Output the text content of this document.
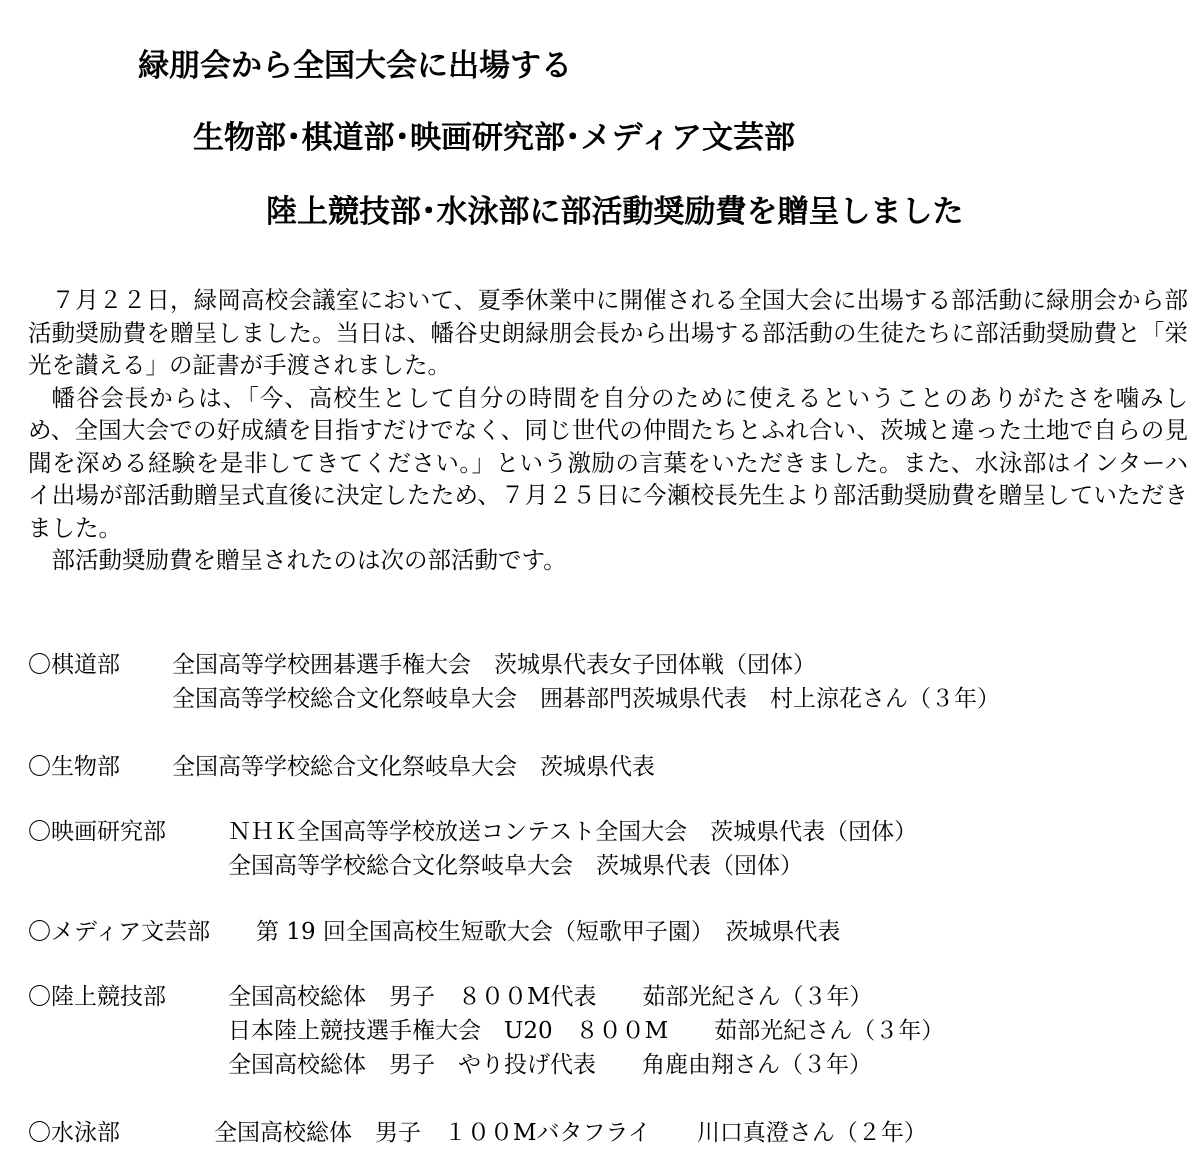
緑朋会から全国大会に出場する
生物部･棋道部･映画研究部･メディア文芸部
陸上競技部･水泳部に部活動奨励費を贈呈しました

７月２２日，緑岡高校会議室において、夏季休業中に開催される全国大会に出場する部活動に緑朋会から部活動奨励費を贈呈しました。当日は、幡谷史朗緑朋会長から出場する部活動の生徒たちに部活動奨励費と「栄光を讃える」の証書が手渡されました。

幡谷会長からは、「今、高校生として自分の時間を自分のために使えるということのありがたさを噛みしめ、全国大会での好成績を目指すだけでなく、同じ世代の仲間たちとふれ合い、茨城と違った土地で自らの見聞を深める経験を是非してきてください。」という激励の言葉をいただきました。また、水泳部はインターハイ出場が部活動贈呈式直後に決定したため、７月２５日に今瀬校長先生より部活動奨励費を贈呈していただきました。

部活動奨励費を贈呈されたのは次の部活動です。

〇棋道部 全国高等学校囲碁選手権大会　茨城県代表女子団体戦（団体）
全国高等学校総合文化祭岐阜大会　囲碁部門茨城県代表　村上涼花さん（３年）
〇生物部 全国高等学校総合文化祭岐阜大会　茨城県代表
〇映画研究部	ＮＨＫ全国高等学校放送コンテスト全国大会　茨城県代表（団体）
全国高等学校総合文化祭岐阜大会　茨城県代表（団体）
〇メディア文芸部 第 19 回全国高校生短歌大会（短歌甲子園）　茨城県代表
〇陸上競技部	全国高校総体　男子　８００M代表　　茹部光紀さん（３年）
日本陸上競技選手権大会　U20　８００M　　茹部光紀さん（３年）
全国高校総体　男子　やり投げ代表　　角鹿由翔さん（３年）
〇水泳部	全国高校総体　男子　１００Mバタフライ　　川口真澄さん（２年）
